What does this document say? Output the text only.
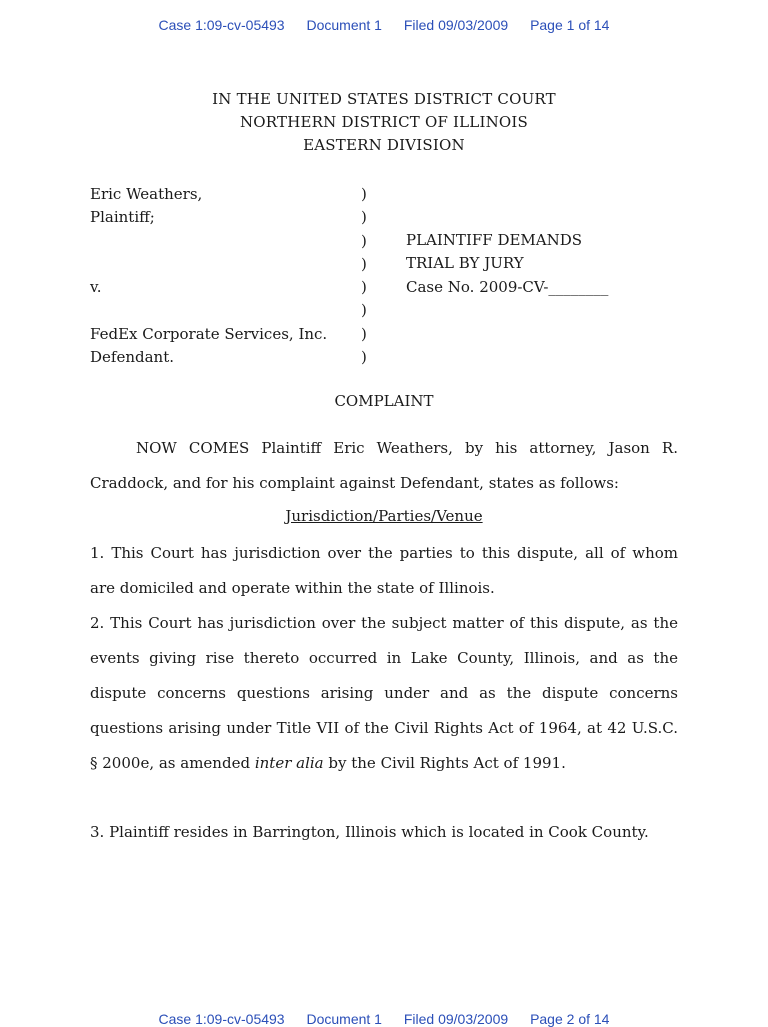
Case 1:09-cv-05493 Document 1 Filed 09/03/2009 Page 1 of 14
IN THE UNITED STATES DISTRICT COURT
NORTHERN DISTRICT OF ILLINOIS
EASTERN DIVISION
Eric Weathers,
Plaintiff;

v.

FedEx Corporate Services, Inc.
Defendant.
)
)
)
)
)
)
)
)
PLAINTIFF DEMANDS
TRIAL BY JURY
Case No. 2009-CV-________
COMPLAINT

NOW COMES Plaintiff Eric Weathers, by his attorney, Jason R. Craddock, and for his complaint against Defendant, states as follows:

Jurisdiction/Parties/Venue

1. This Court has jurisdiction over the parties to this dispute, all of whom are domiciled and operate within the state of Illinois.

2. This Court has jurisdiction over the subject matter of this dispute, as the events giving rise thereto occurred in Lake County, Illinois, and as the dispute concerns questions arising under and as the dispute concerns questions arising under Title VII of the Civil Rights Act of 1964, at 42 U.S.C. § 2000e, as amended inter alia by the Civil Rights Act of 1991.

3. Plaintiff resides in Barrington, Illinois which is located in Cook County.

Case 1:09-cv-05493 Document 1 Filed 09/03/2009 Page 2 of 14
